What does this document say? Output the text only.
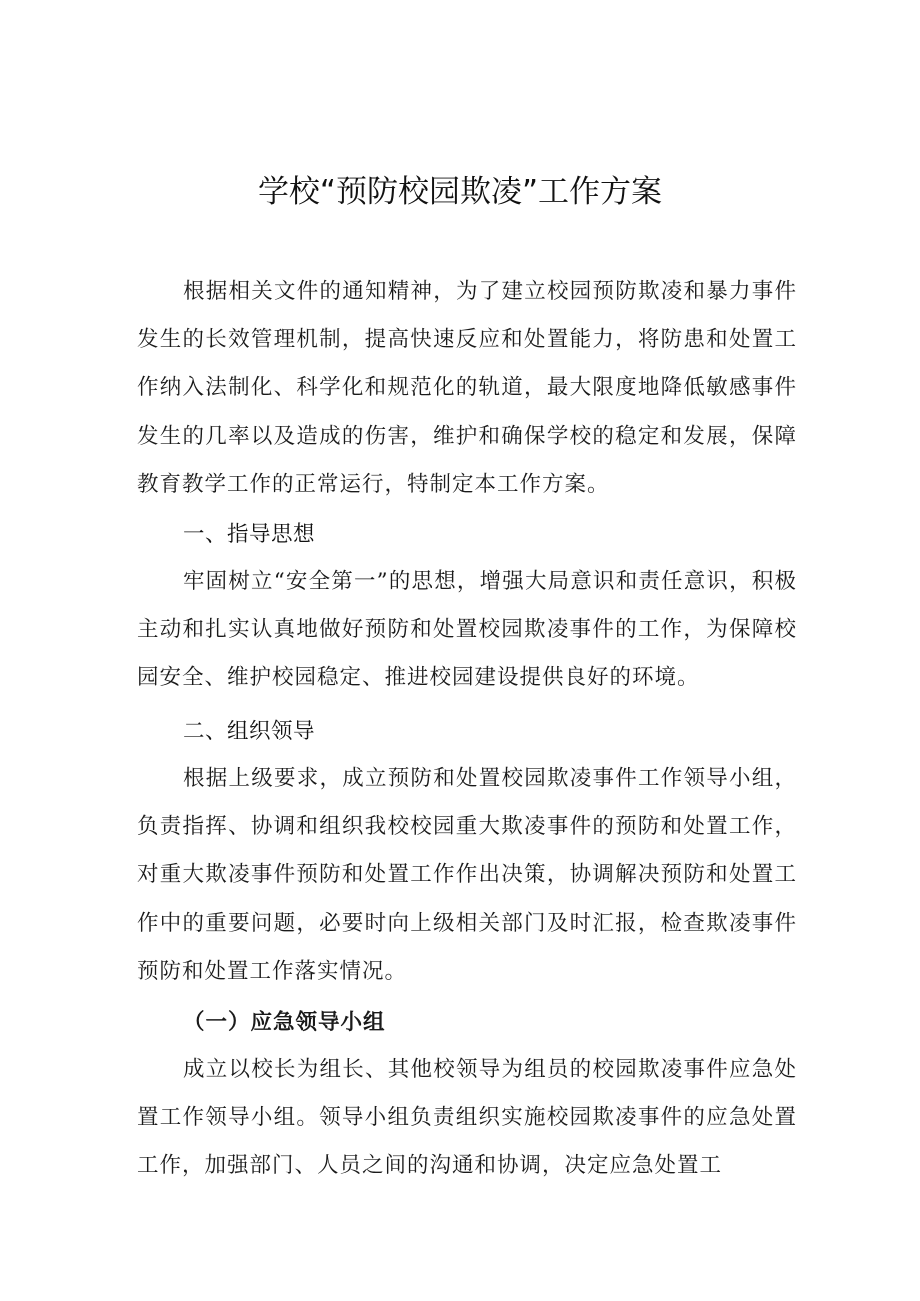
学校“预防校园欺凌”工作方案

根据相关文件的通知精神，为了建立校园预防欺凌和暴力事件发生的长效管理机制，提高快速反应和处置能力，将防患和处置工作纳入法制化、科学化和规范化的轨道，最大限度地降低敏感事件发生的几率以及造成的伤害，维护和确保学校的稳定和发展，保障教育教学工作的正常运行，特制定本工作方案。

一、指导思想

牢固树立“安全第一”的思想，增强大局意识和责任意识，积极主动和扎实认真地做好预防和处置校园欺凌事件的工作，为保障校园安全、维护校园稳定、推进校园建设提供良好的环境。

二、组织领导

根据上级要求，成立预防和处置校园欺凌事件工作领导小组，负责指挥、协调和组织我校校园重大欺凌事件的预防和处置工作，对重大欺凌事件预防和处置工作作出决策，协调解决预防和处置工作中的重要问题，必要时向上级相关部门及时汇报，检查欺凌事件预防和处置工作落实情况。

（一）应急领导小组

成立以校长为组长、其他校领导为组员的校园欺凌事件应急处置工作领导小组。领导小组负责组织实施校园欺凌事件的应急处置工作，加强部门、人员之间的沟通和协调，决定应急处置工
